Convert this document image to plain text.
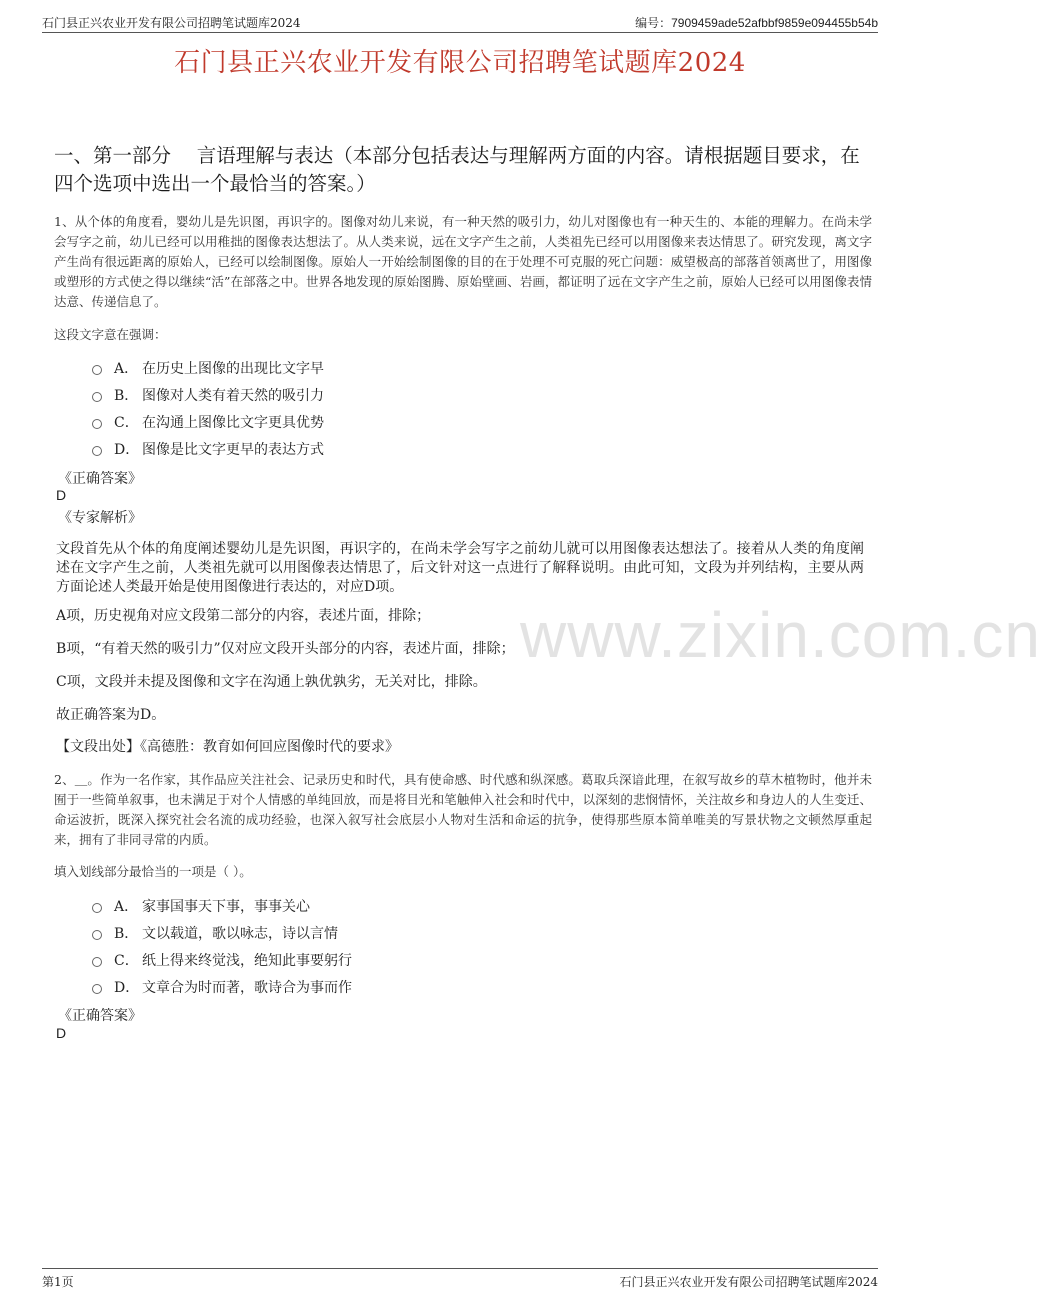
石门县正兴农业开发有限公司招聘笔试题库2024	编号：7909459ade52afbbf9859e094455b54b
石门县正兴农业开发有限公司招聘笔试题库2024
一、第一部分　 言语理解与表达（本部分包括表达与理解两方面的内容。请根据题目要求，在四个选项中选出一个最恰当的答案。）
www.zixin.com.cn
1、从个体的角度看，婴幼儿是先识图，再识字的。图像对幼儿来说，有一种天然的吸引力，幼儿对图像也有一种天生的、本能的理解力。在尚未学会写字之前，幼儿已经可以用稚拙的图像表达想法了。从人类来说，远在文字产生之前，人类祖先已经可以用图像来表达情思了。研究发现，离文字产生尚有很远距离的原始人，已经可以绘制图像。原始人一开始绘制图像的目的在于处理不可克服的死亡问题：威望极高的部落首领离世了，用图像或塑形的方式使之得以继续“活”在部落之中。世界各地发现的原始图腾、原始壁画、岩画，都证明了远在文字产生之前，原始人已经可以用图像表情达意、传递信息了。
这段文字意在强调：
A． 在历史上图像的出现比文字早
B． 图像对人类有着天然的吸引力
C． 在沟通上图像比文字更具优势
D． 图像是比文字更早的表达方式
《正确答案》
D
《专家解析》
文段首先从个体的角度阐述婴幼儿是先识图，再识字的，在尚未学会写字之前幼儿就可以用图像表达想法了。接着从人类的角度阐述在文字产生之前，人类祖先就可以用图像表达情思了，后文针对这一点进行了解释说明。由此可知，文段为并列结构，主要从两方面论述人类最开始是使用图像进行表达的，对应D项。
A项，历史视角对应文段第二部分的内容，表述片面，排除；
B项，“有着天然的吸引力”仅对应文段开头部分的内容，表述片面，排除；
C项，文段并未提及图像和文字在沟通上孰优孰劣，无关对比，排除。
故正确答案为D。
【文段出处】《高德胜：教育如何回应图像时代的要求》
2、＿。作为一名作家，其作品应关注社会、记录历史和时代，具有使命感、时代感和纵深感。葛取兵深谙此理，在叙写故乡的草木植物时，他并未囿于一些简单叙事，也未满足于对个人情感的单纯回放，而是将目光和笔触伸入社会和时代中，以深刻的悲悯情怀，关注故乡和身边人的人生变迁、命运波折，既深入探究社会名流的成功经验，也深入叙写社会底层小人物对生活和命运的抗争，使得那些原本简单唯美的写景状物之文顿然厚重起来，拥有了非同寻常的内质。
填入划线部分最恰当的一项是（ ）。
A． 家事国事天下事，事事关心
B． 文以载道，歌以咏志，诗以言情
C． 纸上得来终觉浅，绝知此事要躬行
D． 文章合为时而著，歌诗合为事而作
《正确答案》
D
第1页	石门县正兴农业开发有限公司招聘笔试题库2024
